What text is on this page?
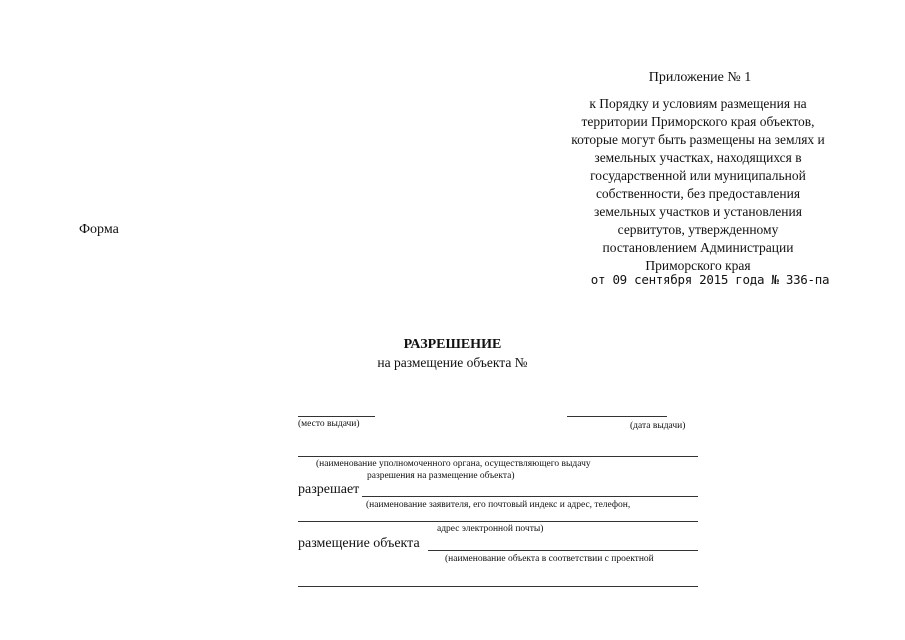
Приложение № 1
к Порядку и условиям размещения на
территории Приморского края объектов,
которые могут быть размещены на землях и
земельных участках, находящихся в
государственной или муниципальной
собственности, без предоставления
земельных участков и установления
сервитутов, утвержденному
постановлением Администрации
Приморского края
от 09 сентября 2015 года № 336-па
Форма
РАЗРЕШЕНИЕ
на размещение объекта №
(место выдачи)	(дата выдачи)
(наименование уполномоченного органа, осуществляющего выдачу
разрешения на размещение объекта)
разрешает
(наименование заявителя, его почтовый индекс и адрес, телефон,
адрес электронной почты)
размещение объекта
(наименование объекта в соответствии с проектной
